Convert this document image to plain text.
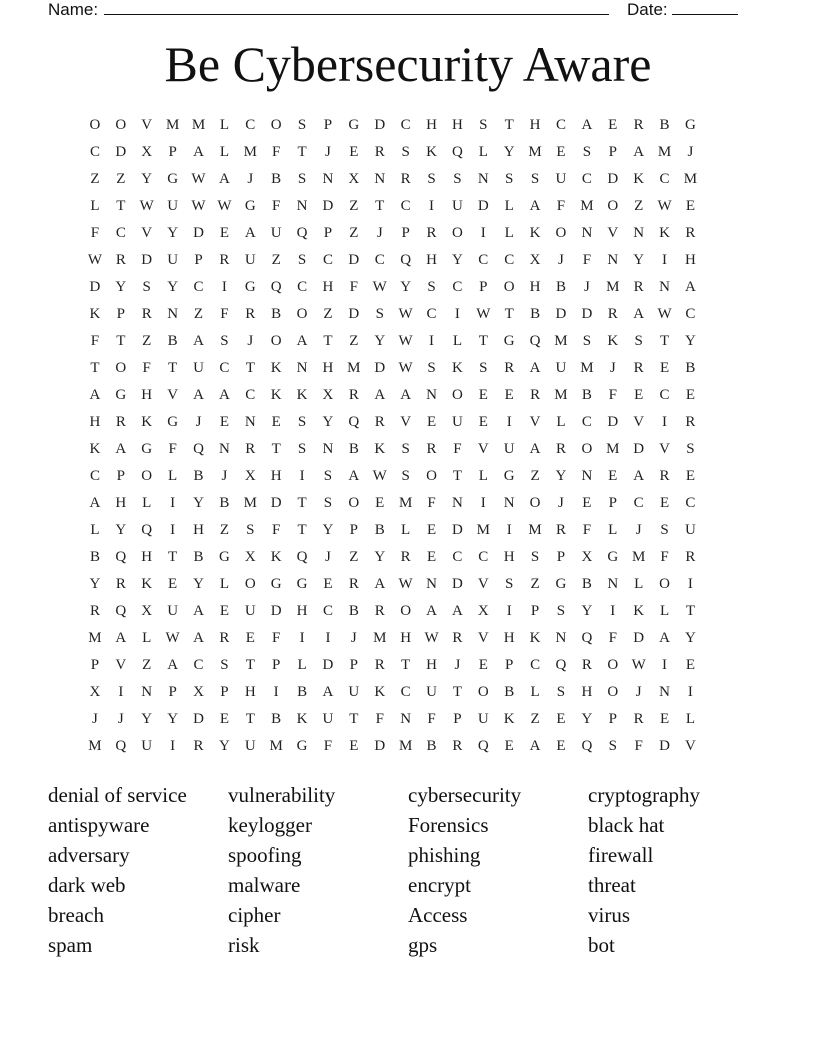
Name:	Date:
Be Cybersecurity Aware
O	O	V M M L	C	O	S	P	G	D	C	H	H	S	T	H	C	A	E	R	B	G
C	D	X	P	A	L M	F	T	J	E	R	S	K	Q	L	Y M E	S	P	A M	J
Z	Z	Y	G W A	J	B	S	N	X	N	R	S	S	N	S	S	U	C	D	K	C M
L	T W U W W G	F	N	D	Z	T	C	I	U	D	L	A	F	M O	Z W E
F	C	V	Y	D	E	A	U	Q	P	Z	J	P	R	O	I	L	K	O	N	V	N	K	R
W R	D	U	P	R	U	Z	S	C	D	C	Q	H	Y	C	C	X	J	F	N	Y	I	H
D	Y	S	Y	C	I	G	Q	C	H	F W Y	S	C	P	O	H	B	J	M R	N	A
K	P	R	N	Z	F	R	B	O	Z	D	S W C	I	W T	B	D	D	R	A W C
F	T	Z	B	A	S	J	O	A	T	Z	Y W	I	L	T	G	Q M	S	K	S	T	Y
T	O	F	T	U	C	T	K	N	H M D W S	K	S	R	A	U M	J	R	E	B
A	G	H	V	A	A	C	K	K	X	R	A	A	N	O	E	E	R M B	F	E	C	E
H	R	K	G	J	E	N	E	S	Y	Q	R	V	E	U	E	I	V	L	C	D	V	I	R
K	A	G	F	Q	N	R	T	S	N	B	K	S	R	F	V	U	A	R	O M D	V	S
C	P	O	L	B	J	X	H	I	S	A W S	O	T	L	G	Z	Y	N	E	A	R	E
A	H	L	I	Y	B M D	T	S	O	E M	F	N	I	N	O	J	E	P	C	E	C
L	Y	Q	I	H	Z	S	F	T	Y	P	B	L	E	D M	I	M R	F	L	J	S	U
B	Q	H	T	B	G	X	K	Q	J	Z	Y	R	E	C	C	H	S	P	X	G M	F	R
Y	R	K	E	Y	L	O	G	G	E	R	A W N	D	V	S	Z	G	B	N	L	O	I
R	Q	X	U	A	E	U	D	H	C	B	R	O	A	A	X	I	P	S	Y	I	K	L	T
M A	L W A	R	E	F	I	I	J	M H W R	V	H	K	N	Q	F	D	A	Y
P	V	Z	A	C	S	T	P	L	D	P	R	T	H	J	E	P	C	Q	R	O W	I	E
X	I	N	P	X	P	H	I	B	A	U	K	C	U	T	O	B	L	S	H	O	J	N	I
J	J	Y	Y	D	E	T	B	K	U	T	F	N	F	P	U	K	Z	E	Y	P	R	E	L
M Q	U	I	R	Y	U M G	F	E	D M B	R	Q	E	A	E	Q	S	F	D	V
denial of service	vulnerability	cybersecurity	cryptography
antispyware	keylogger	Forensics	black hat
adversary	spoofing	phishing	firewall
dark web	malware	encrypt	threat
breach	cipher	Access	virus
spam	risk	gps	bot
